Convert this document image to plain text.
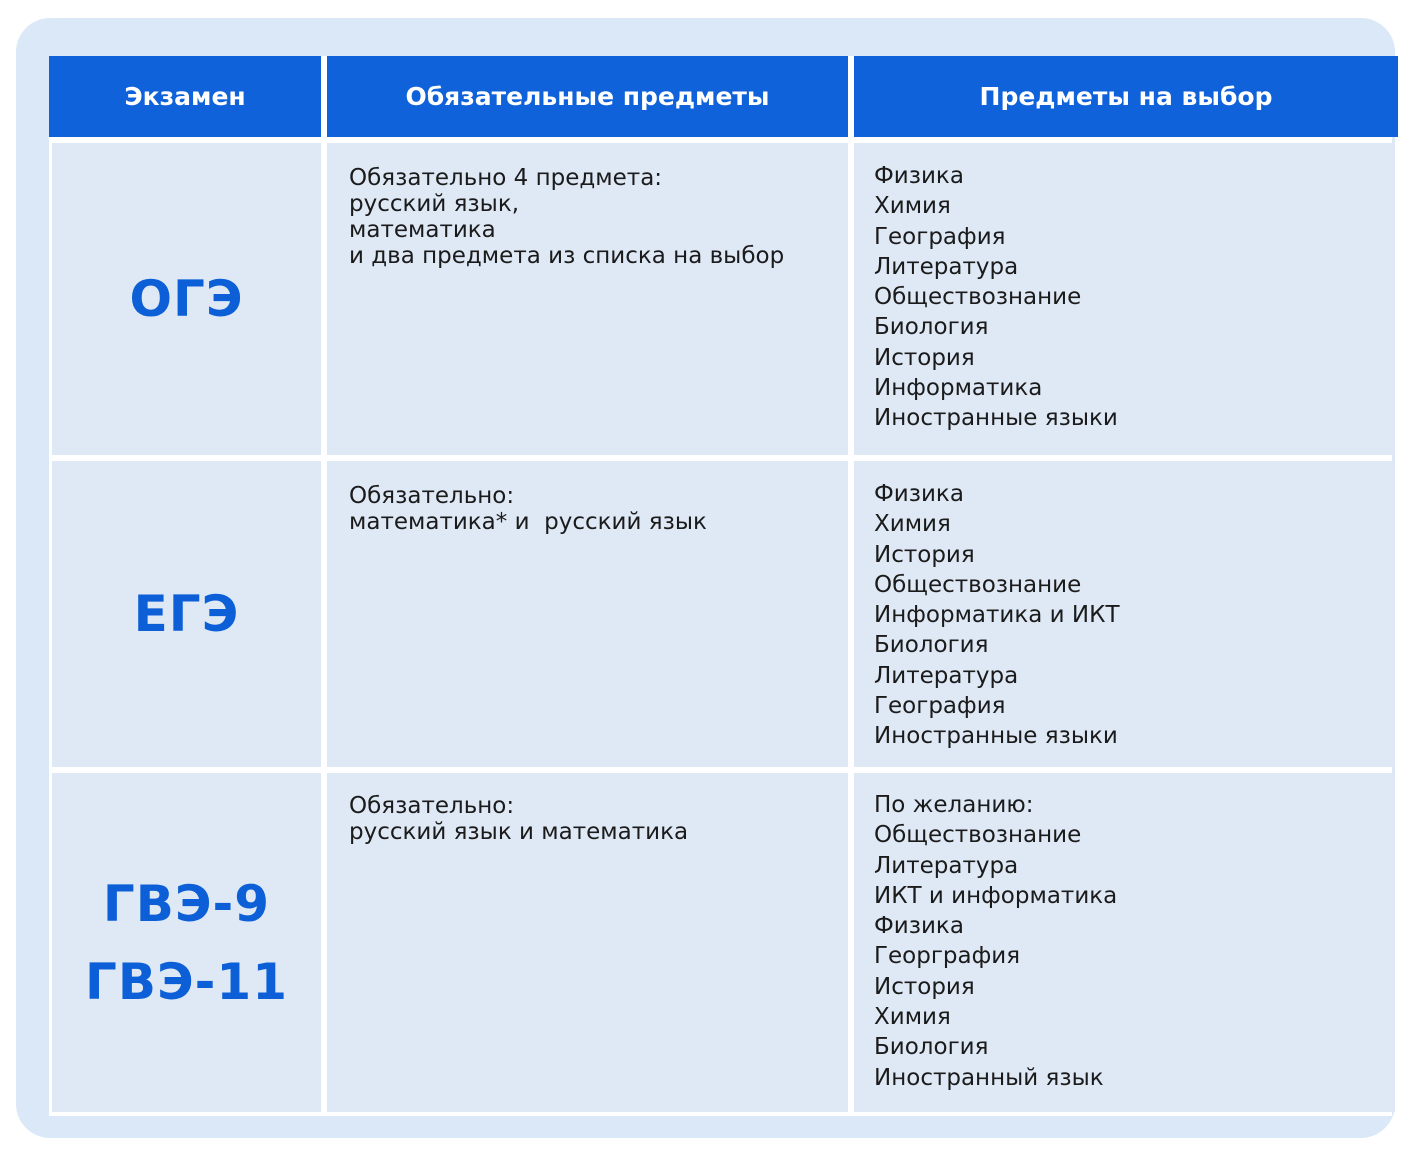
Экзамен	Обязательные предметы	Предметы на выбор
ОГЭ
Обязательно 4 предмета:
русский язык,
математика
и два предмета из списка на выбор
Физика
Химия
География
Литература
Обществознание
Биология
История
Информатика
Иностранные языки
ЕГЭ
Обязательно:
математика* и  русский язык
Физика
Химия
История
Обществознание
Информатика и ИКТ
Биология
Литература
География
Иностранные языки
ГВЭ-9
ГВЭ-11
Обязательно:
русский язык и математика
По желанию:
Обществознание
Литература
ИКТ и информатика
Физика
Георграфия
История
Химия
Биология
Иностранный язык
